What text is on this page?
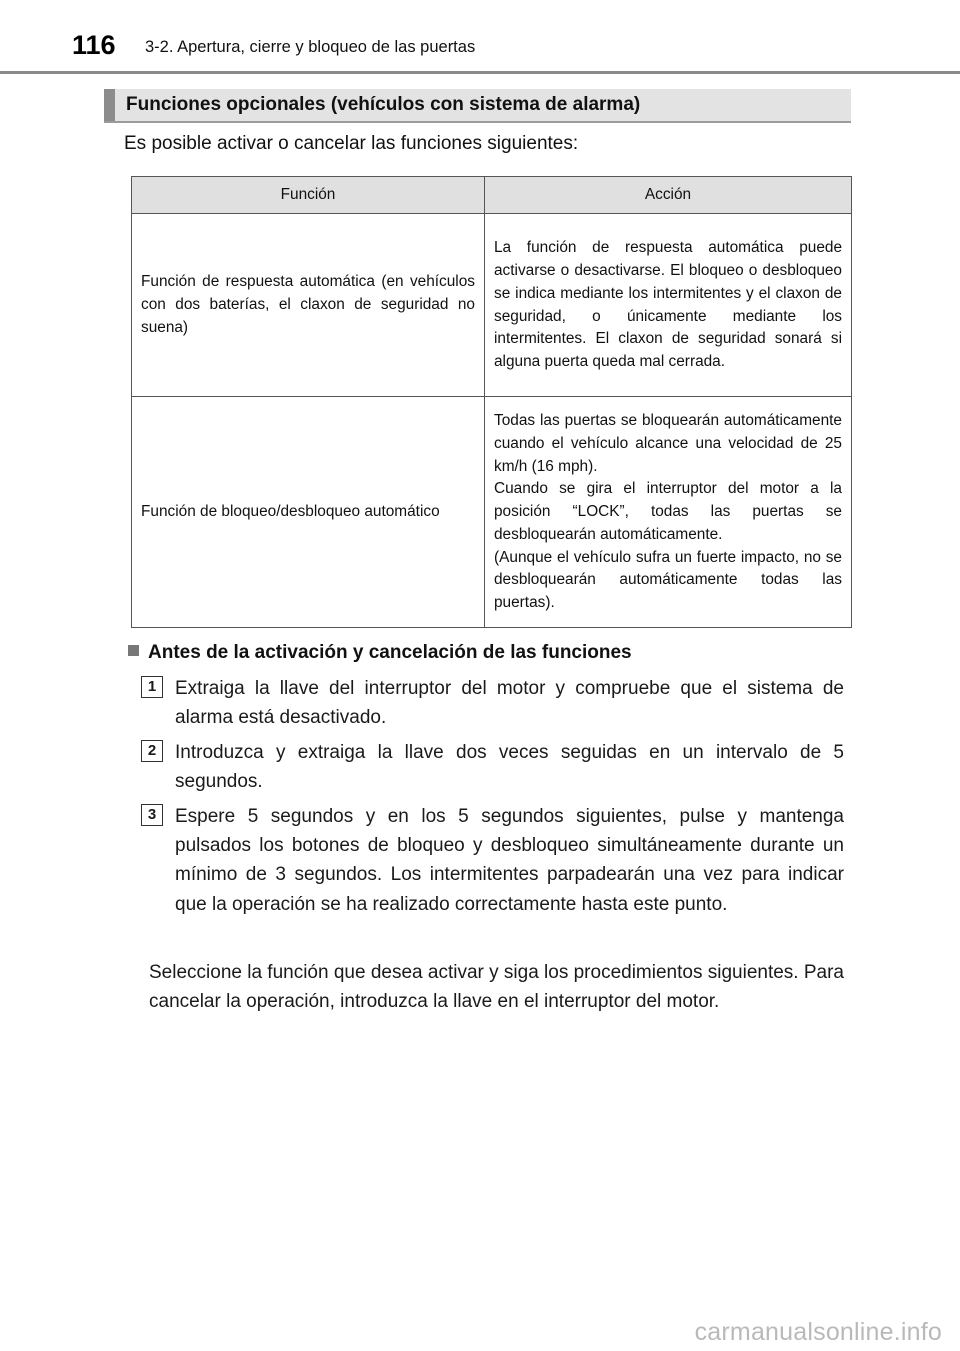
116 3-2. Apertura, cierre y bloqueo de las puertas
Funciones opcionales (vehículos con sistema de alarma)
Es posible activar o cancelar las funciones siguientes:
Función	Acción
Función de respuesta automática (en vehículos con dos baterías, el claxon de seguridad no suena)	La función de respuesta automática puede activarse o desactivarse. El bloqueo o desbloqueo se indica mediante los intermitentes y el claxon de seguridad, o únicamente mediante los intermitentes. El claxon de seguridad sonará si alguna puerta queda mal cerrada.

Función de bloqueo/desbloqueo automático	Todas las puertas se bloquearán automáticamente cuando el vehículo alcance una velocidad de 25 km/h (16 mph).

Cuando se gira el interruptor del motor a la posición “LOCK”, todas las puertas se desbloquearán automáticamente.

(Aunque el vehículo sufra un fuerte impacto, no se desbloquearán automáticamente todas las puertas).

Antes de la activación y cancelación de las funciones
1 Extraiga la llave del interruptor del motor y compruebe que el sistema de alarma está desactivado.
2 Introduzca y extraiga la llave dos veces seguidas en un intervalo de 5 segundos.
3 Espere 5 segundos y en los 5 segundos siguientes, pulse y mantenga pulsados los botones de bloqueo y desbloqueo simultáneamente durante un mínimo de 3 segundos. Los intermitentes parpadearán una vez para indicar que la operación se ha realizado correctamente hasta este punto.
Seleccione la función que desea activar y siga los procedimientos siguientes. Para cancelar la operación, introduzca la llave en el interruptor del motor.
carmanualsonline.info
